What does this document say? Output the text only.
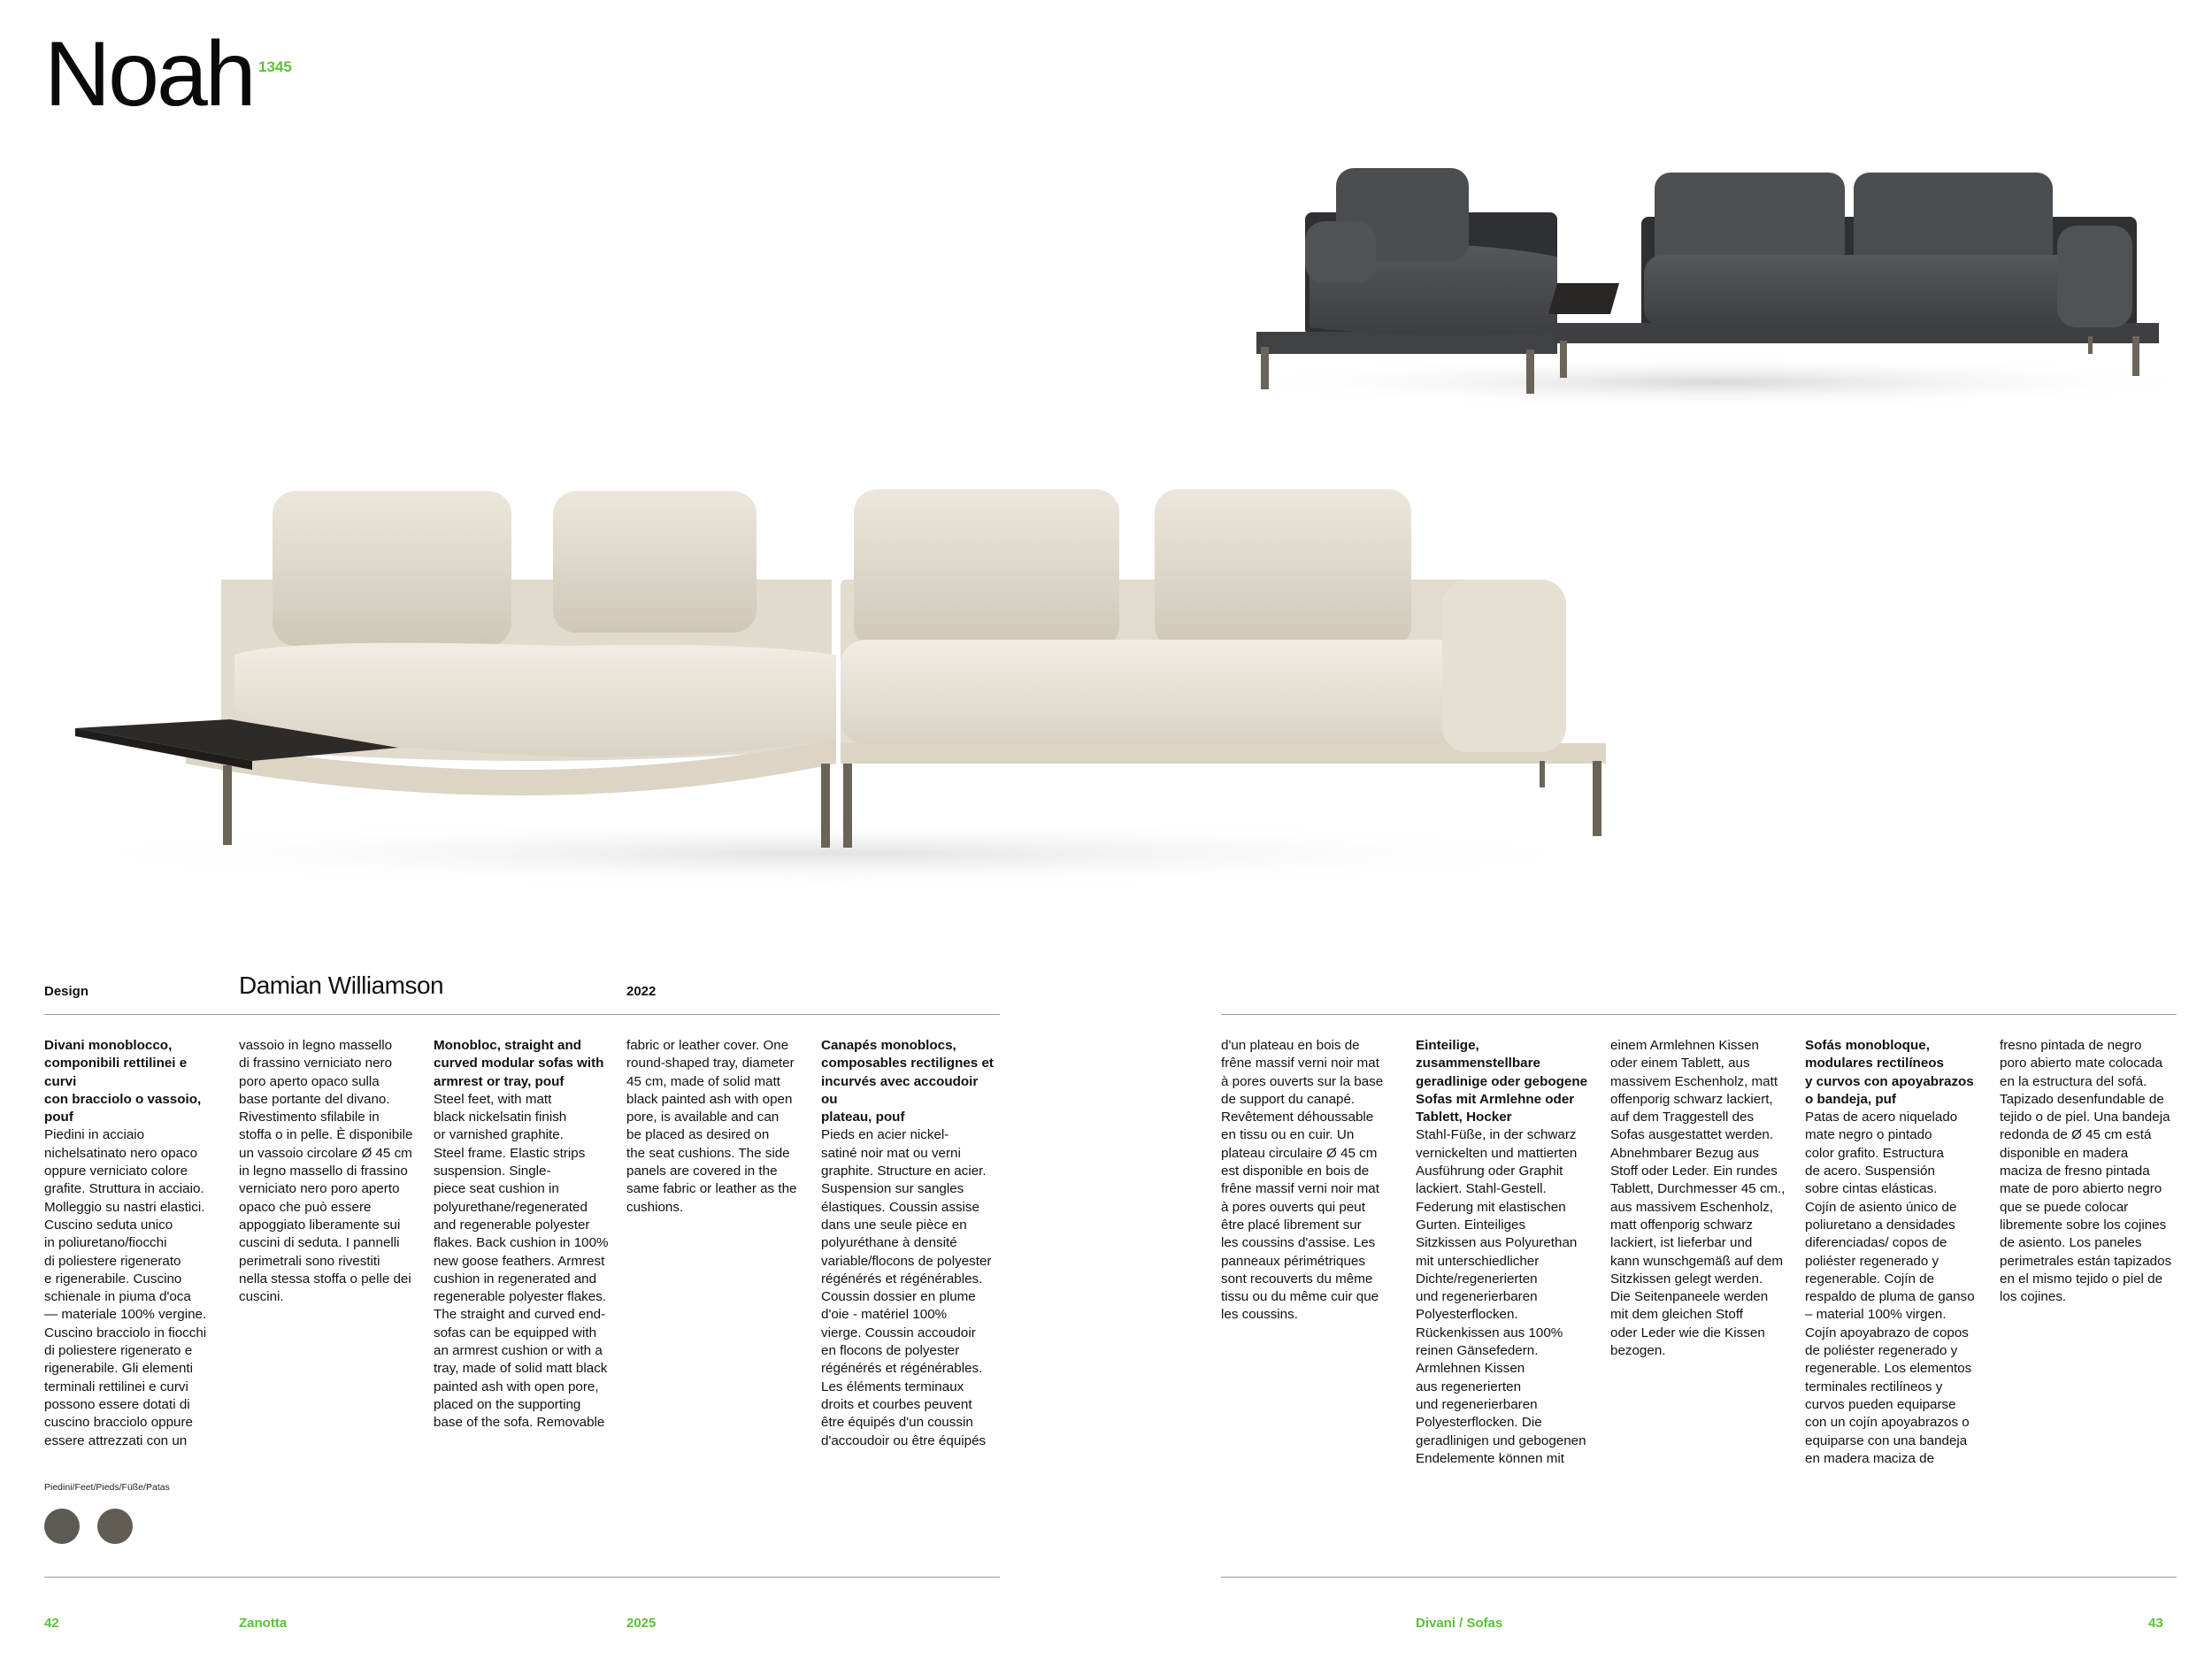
Noah 1345
Design	Damian Williamson	2022
Divani monoblocco,
componibili rettilinei e curvi
con bracciolo o vassoio,
pouf
Piedini in acciaio
nichelsatinato nero opaco
oppure verniciato colore
grafite. Struttura in acciaio.
Molleggio su nastri elastici.
Cuscino seduta unico
in poliuretano/fiocchi
di poliestere rigenerato
e rigenerabile. Cuscino
schienale in piuma d'oca
— materiale 100% vergine.
Cuscino bracciolo in fiocchi
di poliestere rigenerato e
rigenerabile. Gli elementi
terminali rettilinei e curvi
possono essere dotati di
cuscino bracciolo oppure
essere attrezzati con un
vassoio in legno massello
di frassino verniciato nero
poro aperto opaco sulla
base portante del divano.
Rivestimento sfilabile in
stoffa o in pelle. È disponibile
un vassoio circolare Ø 45 cm
in legno massello di frassino
verniciato nero poro aperto
opaco che può essere
appoggiato liberamente sui
cuscini di seduta. I pannelli
perimetrali sono rivestiti
nella stessa stoffa o pelle dei
cuscini.
Monobloc, straight and
curved modular sofas with
armrest or tray, pouf
Steel feet, with matt
black nickelsatin finish
or varnished graphite.
Steel frame. Elastic strips
suspension. Single-
piece seat cushion in
polyurethane/regenerated
and regenerable polyester
flakes. Back cushion in 100%
new goose feathers. Armrest
cushion in regenerated and
regenerable polyester flakes.
The straight and curved end-
sofas can be equipped with
an armrest cushion or with a
tray, made of solid matt black
painted ash with open pore,
placed on the supporting
base of the sofa. Removable
fabric or leather cover. One
round-shaped tray, diameter
45 cm, made of solid matt
black painted ash with open
pore, is available and can
be placed as desired on
the seat cushions. The side
panels are covered in the
same fabric or leather as the
cushions.
Canapés monoblocs,
composables rectilignes et
incurvés avec accoudoir ou
plateau, pouf
Pieds en acier nickel-
satiné noir mat ou verni
graphite. Structure en acier.
Suspension sur sangles
élastiques. Coussin assise
dans une seule pièce en
polyuréthane à densité
variable/flocons de polyester
régénérés et régénérables.
Coussin dossier en plume
d'oie - matériel 100%
vierge. Coussin accoudoir
en flocons de polyester
régénérés et régénérables.
Les éléments terminaux
droits et courbes peuvent
être équipés d'un coussin
d'accoudoir ou être équipés
d'un plateau en bois de
frêne massif verni noir mat
à pores ouverts sur la base
de support du canapé.
Revêtement déhoussable
en tissu ou en cuir. Un
plateau circulaire Ø 45 cm
est disponible en bois de
frêne massif verni noir mat
à pores ouverts qui peut
être placé librement sur
les coussins d'assise. Les
panneaux périmétriques
sont recouverts du même
tissu ou du même cuir que
les coussins.
Einteilige,
zusammenstellbare
geradlinige oder gebogene
Sofas mit Armlehne oder
Tablett, Hocker
Stahl-Füße, in der schwarz
vernickelten und mattierten
Ausführung oder Graphit
lackiert. Stahl-Gestell.
Federung mit elastischen
Gurten. Einteiliges
Sitzkissen aus Polyurethan
mit unterschiedlicher
Dichte/regenerierten
und regenerierbaren
Polyesterflocken.
Rückenkissen aus 100%
reinen Gänsefedern.
Armlehnen Kissen
aus regenerierten
und regenerierbaren
Polyesterflocken. Die
geradlinigen und gebogenen
Endelemente können mit
einem Armlehnen Kissen
oder einem Tablett, aus
massivem Eschenholz, matt
offenporig schwarz lackiert,
auf dem Traggestell des
Sofas ausgestattet werden.
Abnehmbarer Bezug aus
Stoff oder Leder. Ein rundes
Tablett, Durchmesser 45 cm.,
aus massivem Eschenholz,
matt offenporig schwarz
lackiert, ist lieferbar und
kann wunschgemäß auf dem
Sitzkissen gelegt werden.
Die Seitenpaneele werden
mit dem gleichen Stoff
oder Leder wie die Kissen
bezogen.
Sofás monobloque,
modulares rectilíneos
y curvos con apoyabrazos
o bandeja, puf
Patas de acero niquelado
mate negro o pintado
color grafito. Estructura
de acero. Suspensión
sobre cintas elásticas.
Cojín de asiento único de
poliuretano a densidades
diferenciadas/ copos de
poliéster regenerado y
regenerable. Cojín de
respaldo de pluma de ganso
– material 100% virgen.
Cojín apoyabrazo de copos
de poliéster regenerado y
regenerable. Los elementos
terminales rectilíneos y
curvos pueden equiparse
con un cojín apoyabrazos o
equiparse con una bandeja
en madera maciza de
fresno pintada de negro
poro abierto mate colocada
en la estructura del sofá.
Tapizado desenfundable de
tejido o de piel. Una bandeja
redonda de Ø 45 cm está
disponible en madera
maciza de fresno pintada
mate de poro abierto negro
que se puede colocar
libremente sobre los cojines
de asiento. Los paneles
perimetrales están tapizados
en el mismo tejido o piel de
los cojines.
Piedini/Feet/Pieds/Füße/Patas
42	Zanotta	2025	Divani / Sofas	43
